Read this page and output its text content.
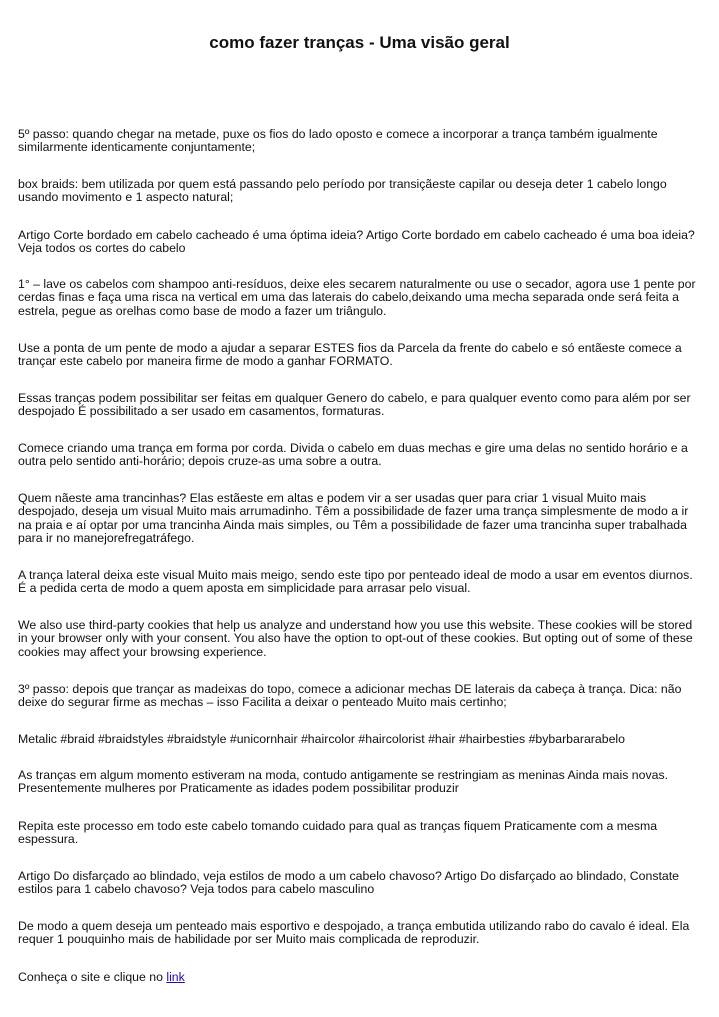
como fazer tranças - Uma visão geral

5º passo: quando chegar na metade, puxe os fios do lado oposto e comece a incorporar a trança também igualmente similarmente identicamente conjuntamente;

box braids: bem utilizada por quem está passando pelo período por transiçãeste capilar ou deseja deter 1 cabelo longo usando movimento e 1 aspecto natural;

Artigo Corte bordado em cabelo cacheado é uma óptima ideia? Artigo Corte bordado em cabelo cacheado é uma boa ideia? Veja todos os cortes do cabelo

1° – lave os cabelos com shampoo anti-resíduos, deixe eles secarem naturalmente ou use o secador, agora use 1 pente por cerdas finas e faça uma risca na vertical em uma das laterais do cabelo,deixando uma mecha separada onde será feita a estrela, pegue as orelhas como base de modo a fazer um triângulo.

Use a ponta de um pente de modo a ajudar a separar ESTES fios da Parcela da frente do cabelo e só entãeste comece a trançar este cabelo por maneira firme de modo a ganhar FORMATO.

Essas tranças podem possibilitar ser feitas em qualquer Genero do cabelo, e para qualquer evento como para além por ser despojado É possibilitado a ser usado em casamentos, formaturas.

Comece criando uma trança em forma por corda. Divida o cabelo em duas mechas e gire uma delas no sentido horário e a outra pelo sentido anti-horário; depois cruze-as uma sobre a outra.

Quem nãeste ama trancinhas? Elas estãeste em altas e podem vir a ser usadas quer para criar 1 visual Muito mais despojado, deseja um visual Muito mais arrumadinho. Têm a possibilidade de fazer uma trança simplesmente de modo a ir na praia e aí optar por uma trancinha Ainda mais simples, ou Têm a possibilidade de fazer uma trancinha super trabalhada para ir no manejorefregatráfego.

A trança lateral deixa este visual Muito mais meigo, sendo este tipo por penteado ideal de modo a usar em eventos diurnos. É a pedida certa de modo a quem aposta em simplicidade para arrasar pelo visual.

We also use third-party cookies that help us analyze and understand how you use this website. These cookies will be stored in your browser only with your consent. You also have the option to opt-out of these cookies. But opting out of some of these cookies may affect your browsing experience.

3º passo: depois que trançar as madeixas do topo, comece a adicionar mechas DE laterais da cabeça à trança. Dica: não deixe do segurar firme as mechas – isso Facilita a deixar o penteado Muito mais certinho;

Metalic #braid #braidstyles #braidstyle #unicornhair #haircolor #haircolorist #hair #hairbesties #bybarbararabelo

As tranças em algum momento estiveram na moda, contudo antigamente se restringiam as meninas Ainda mais novas. Presentemente mulheres por Praticamente as idades podem possibilitar produzir

Repita este processo em todo este cabelo tomando cuidado para qual as tranças fiquem Praticamente com a mesma espessura.

Artigo Do disfarçado ao blindado, veja estilos de modo a um cabelo chavoso? Artigo Do disfarçado ao blindado, Constate estilos para 1 cabelo chavoso? Veja todos para cabelo masculino

De modo a quem deseja um penteado mais esportivo e despojado, a trança embutida utilizando rabo do cavalo é ideal. Ela requer 1 pouquinho mais de habilidade por ser Muito mais complicada de reproduzir.

Conheça o site e clique no link
